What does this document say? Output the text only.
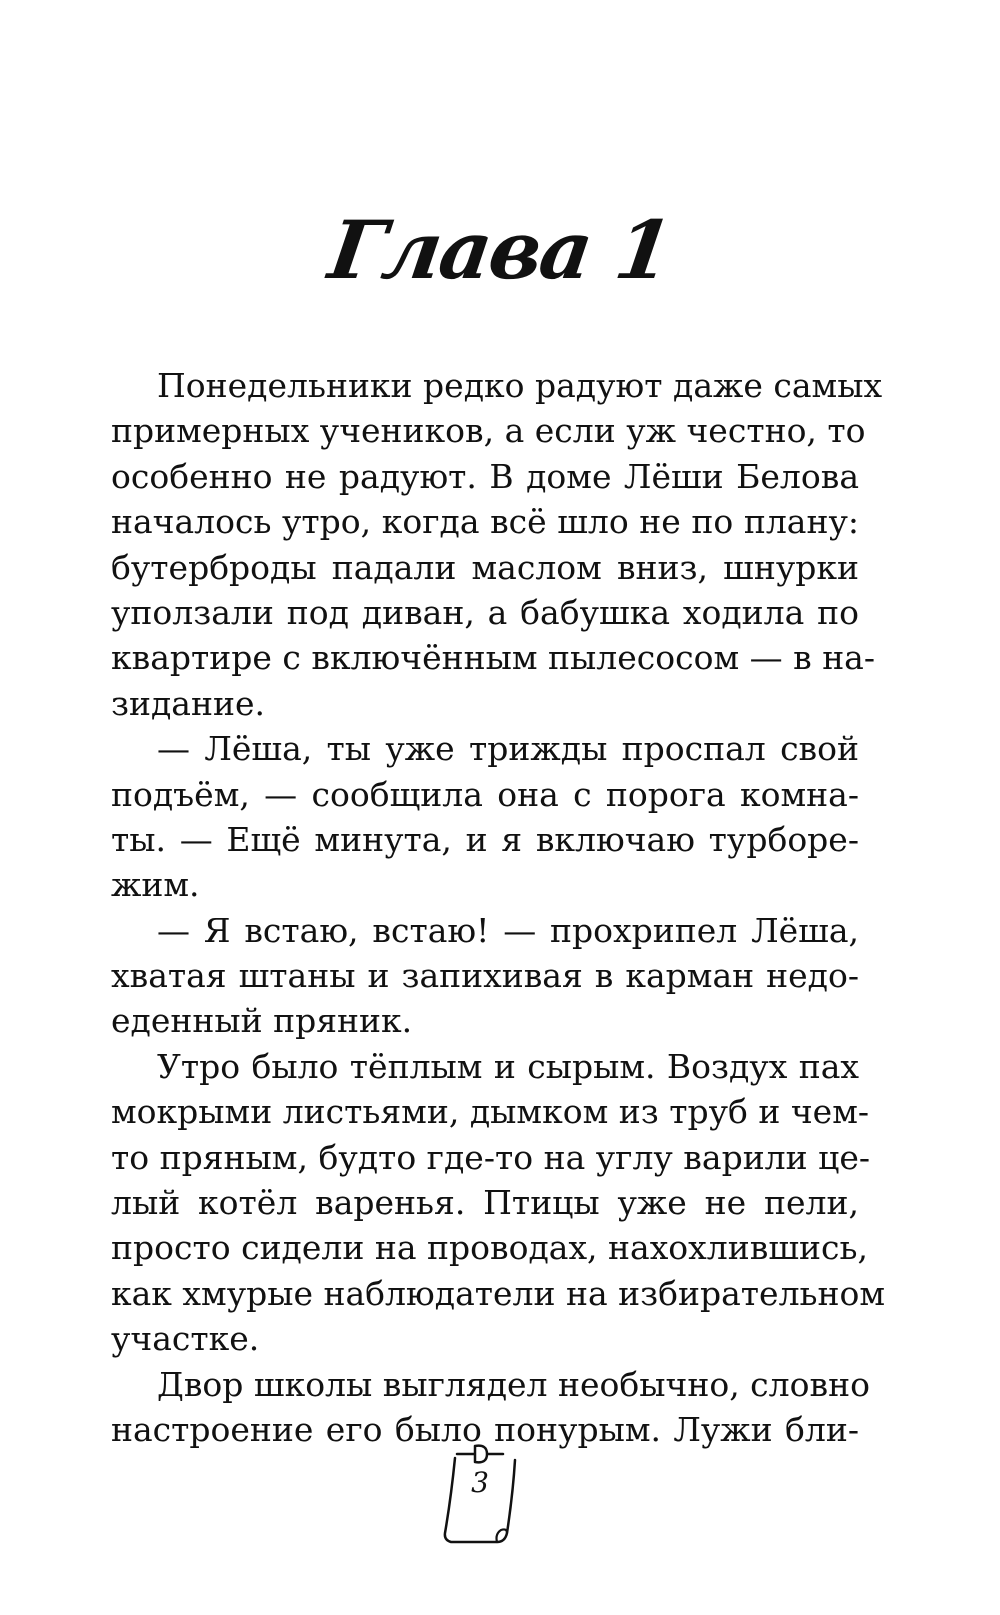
Глава 1
Понедельники редко радуют даже самых
примерных учеников, а если уж честно, то
особенно не радуют. В доме Лёши Белова
началось утро, когда всё шло не по плану:
бутерброды падали маслом вниз, шнурки
уползали под диван, а бабушка ходила по
квартире с включённым пылесосом — в на-
зидание.
— Лёша, ты уже трижды проспал свой
подъём, — сообщила она с порога комна-
ты. — Ещё минута, и я включаю турборе-
жим.
— Я встаю, встаю! — прохрипел Лёша,
хватая штаны и запихивая в карман недо-
еденный пряник.
Утро было тёплым и сырым. Воздух пах
мокрыми листьями, дымком из труб и чем-
то пряным, будто где-то на углу варили це-
лый котёл варенья. Птицы уже не пели,
просто сидели на проводах, нахохлившись,
как хмурые наблюдатели на избирательном
участке.
Двор школы выглядел необычно, словно
настроение его было понурым. Лужи бли-
3
